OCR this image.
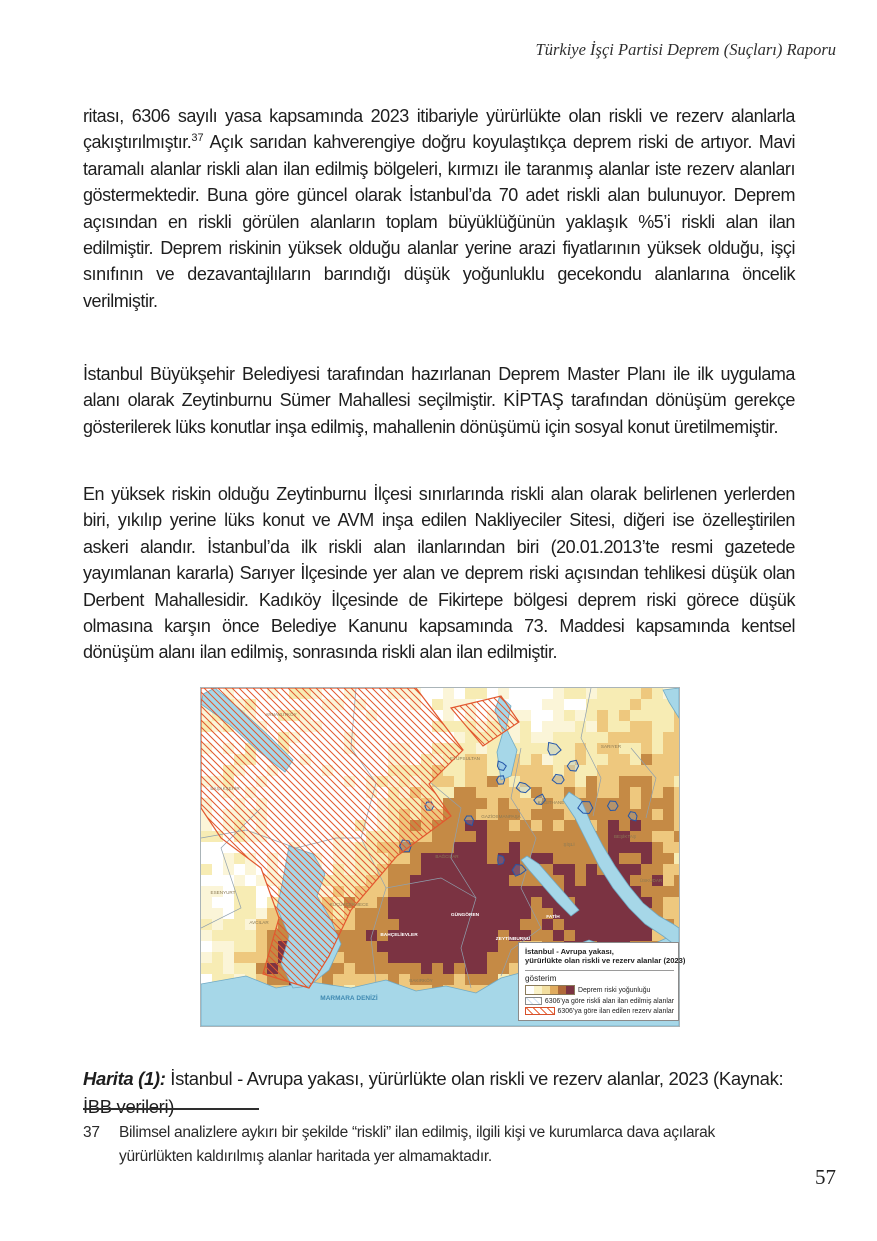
Türkiye İşçi Partisi Deprem (Suçları) Raporu

ritası, 6306 sayılı yasa kapsamında 2023 itibariyle yürürlükte olan riskli ve rezerv alanlarla çakıştırılmıştır.$^{37}$ Açık sarıdan kahverengiye doğru koyulaştıkça deprem riski de artıyor. Mavi taramalı alanlar riskli alan ilan edilmiş bölgeleri, kırmızı ile taranmış alanlar iste rezerv alanları göstermektedir. Buna göre güncel olarak İstanbul’da 70 adet riskli alan bulunuyor. Deprem açısından en riskli görülen alanların toplam büyüklüğünün yaklaşık %5’i riskli alan ilan edilmiştir. Deprem riskinin yüksek olduğu alanlar yerine arazi fiyatlarının yüksek olduğu, işçi sınıfının ve dezavantajlıların barındığı düşük yoğunluklu gecekondu alanlarına öncelik verilmiştir.

İstanbul Büyükşehir Belediyesi tarafından hazırlanan Deprem Master Planı ile ilk uygulama alanı olarak Zeytinburnu Sümer Mahallesi seçilmiştir. KİPTAŞ tarafından dönüşüm gerekçe gösterilerek lüks konutlar inşa edilmiş, mahallenin dönüşümü için sosyal konut üretilmemiştir.

En yüksek riskin olduğu Zeytinburnu İlçesi sınırlarında riskli alan olarak belirlenen yerlerden biri, yıkılıp yerine lüks konut ve AVM inşa edilen Nakliyeciler Sitesi, diğeri ise özelleştirilen askeri alandır. İstanbul’da ilk riskli alan ilanlarından biri (20.01.2013’te resmi gazetede yayımlanan kararla) Sarıyer İlçesinde yer alan ve deprem riski açısından tehlikesi düşük olan Derbent Mahallesidir. Kadıköy İlçesinde de Fikirtepe bölgesi deprem riski görece düşük olmasına karşın önce Belediye Kanunu kapsamında 73. Maddesi kapsamında kentsel dönüşüm alanı ilan edilmiş, sonrasında riskli alan ilan edilmiştir.

İstanbul - Avrupa yakası,
yürürlükte olan riskli ve rezerv alanlar (2023)
gösterim
Deprem riski yoğunluğu
6306’ya göre riskli alan ilan edilmiş alanlar
6306’ya göre ilan edilen rezerv alanlar

Harita (1): İstanbul - Avrupa yakası, yürürlükte olan riskli ve rezerv alanlar, 2023 (Kaynak: İBB verileri)

37	Bilimsel analizlere aykırı bir şekilde “riskli” ilan edilmiş, ilgili kişi ve kurumlarca dava açılarak yürürlükten kaldırılmış alanlar haritada yer almamaktadır.
57
